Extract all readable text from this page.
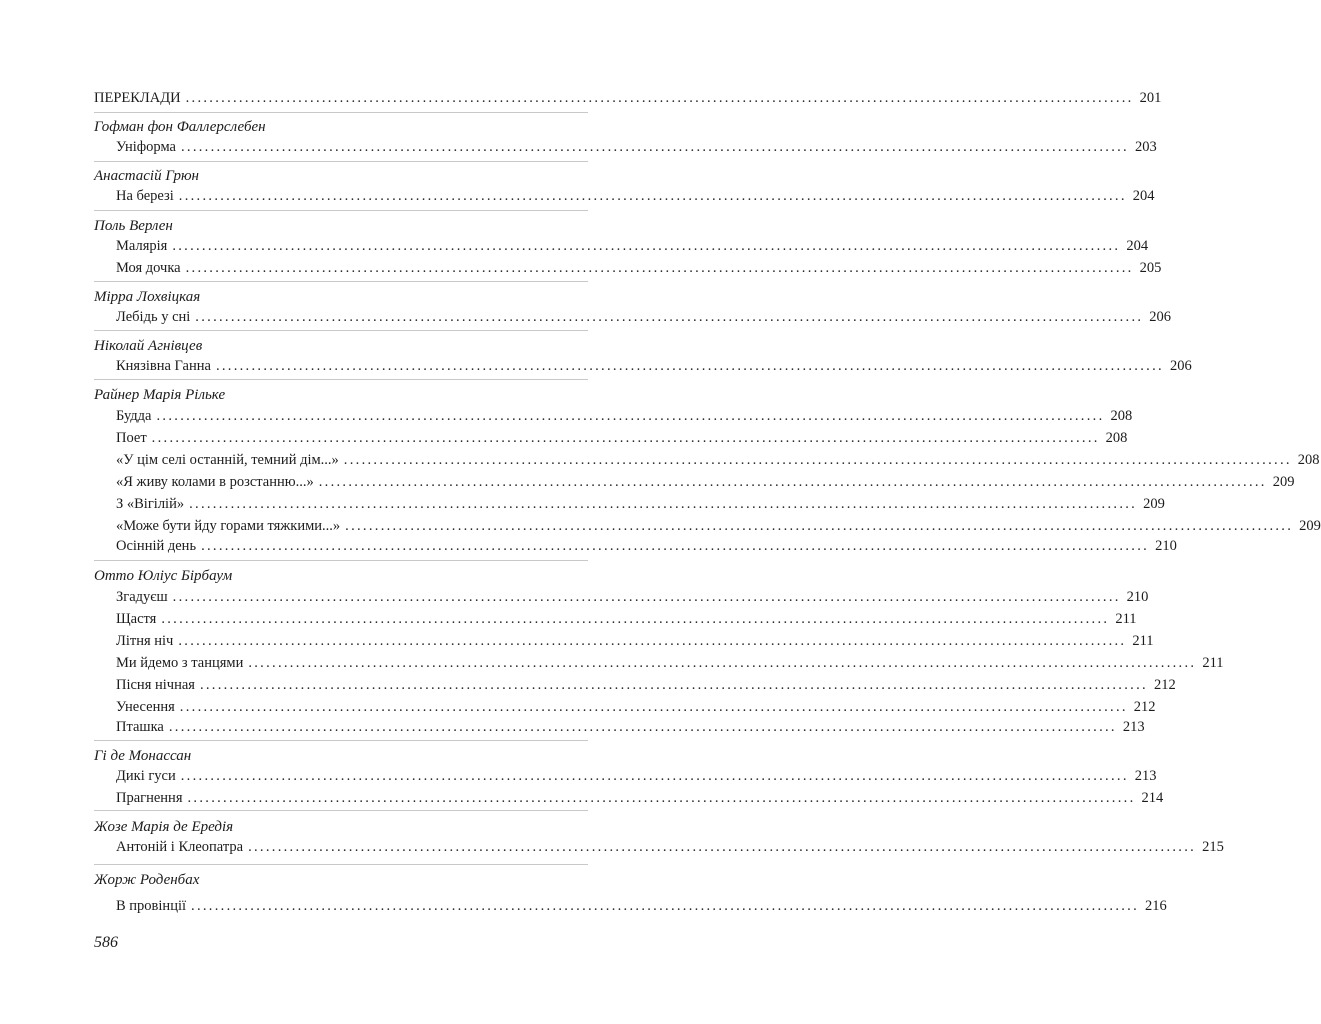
ПЕРЕКЛАДИ ................................................................................................................................................................ 201
Гофман фон Фаллерслебен
Уніформа ................................................................................................................................................................ 203
Анастасій Грюн
На березі ................................................................................................................................................................ 204
Поль Верлен
Малярія ................................................................................................................................................................ 204
Моя дочка ................................................................................................................................................................ 205
Мірра Лохвіцкая
Лебідь у сні ................................................................................................................................................................ 206
Ніколай Агнівцев
Князівна Ганна ................................................................................................................................................................ 206
Райнер Марія Рільке
Будда ................................................................................................................................................................ 208
Поет ................................................................................................................................................................ 208
«У цім селі останній, темний дім...» ................................................................................................................................................................ 208
«Я живу колами в розстанню...» ................................................................................................................................................................ 209
З «Вігілій» ................................................................................................................................................................ 209
«Може бути йду горами тяжкими...» ................................................................................................................................................................ 209
Осінній день ................................................................................................................................................................ 210
Отто Юліус Бірбаум
Згадуєш ................................................................................................................................................................ 210
Щастя ................................................................................................................................................................ 211
Літня ніч ................................................................................................................................................................ 211
Ми йдемо з танцями ................................................................................................................................................................ 211
Пісня нічная ................................................................................................................................................................ 212
Унесення ................................................................................................................................................................ 212
Пташка ................................................................................................................................................................ 213
Гі де Монассан
Дикі гуси ................................................................................................................................................................ 213
Прагнення ................................................................................................................................................................ 214
Жозе Марія де Ередія
Антоній і Клеопатра ................................................................................................................................................................ 215
Жорж Роденбах
В провінції ................................................................................................................................................................ 216
586
